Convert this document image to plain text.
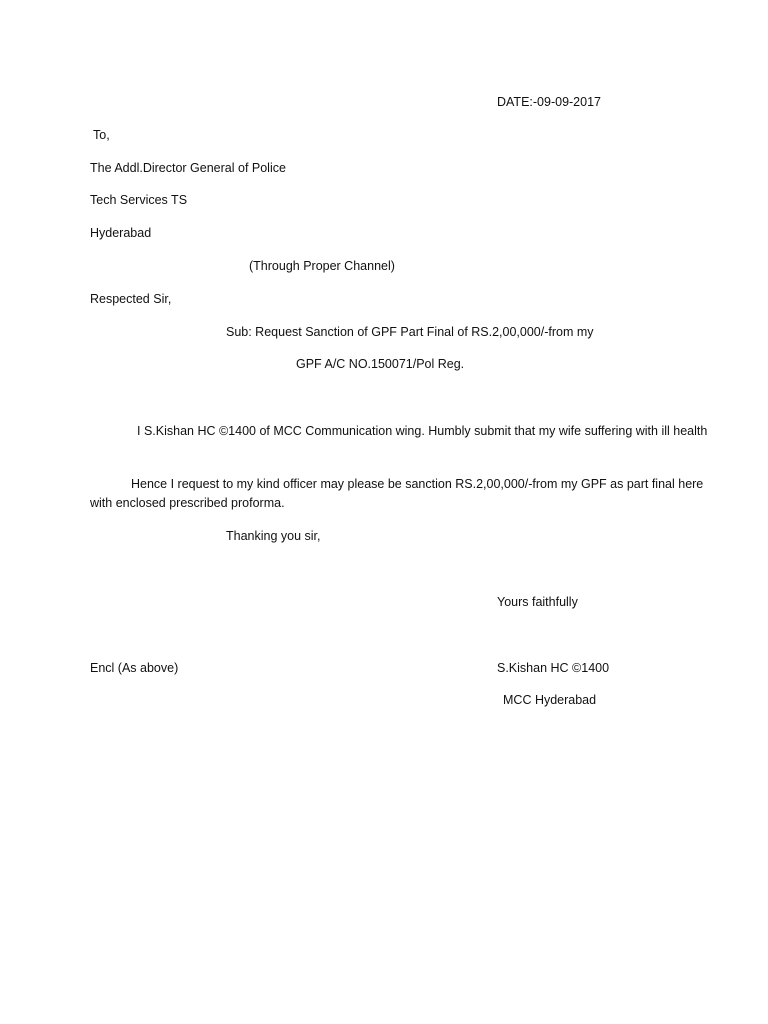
DATE:-09-09-2017
To,
The Addl.Director General of Police
Tech Services TS
Hyderabad
(Through Proper Channel)
Respected Sir,
Sub: Request Sanction of GPF Part Final of RS.2,00,000/-from my
GPF A/C NO.150071/Pol Reg.
I S.Kishan HC ©1400 of MCC Communication wing. Humbly submit that my wife suffering with ill health
Hence I request to my kind officer may please be sanction RS.2,00,000/-from my GPF as part final here with enclosed prescribed proforma.
Thanking you sir,
Yours faithfully
Encl (As above)	S.Kishan HC ©1400
MCC Hyderabad
